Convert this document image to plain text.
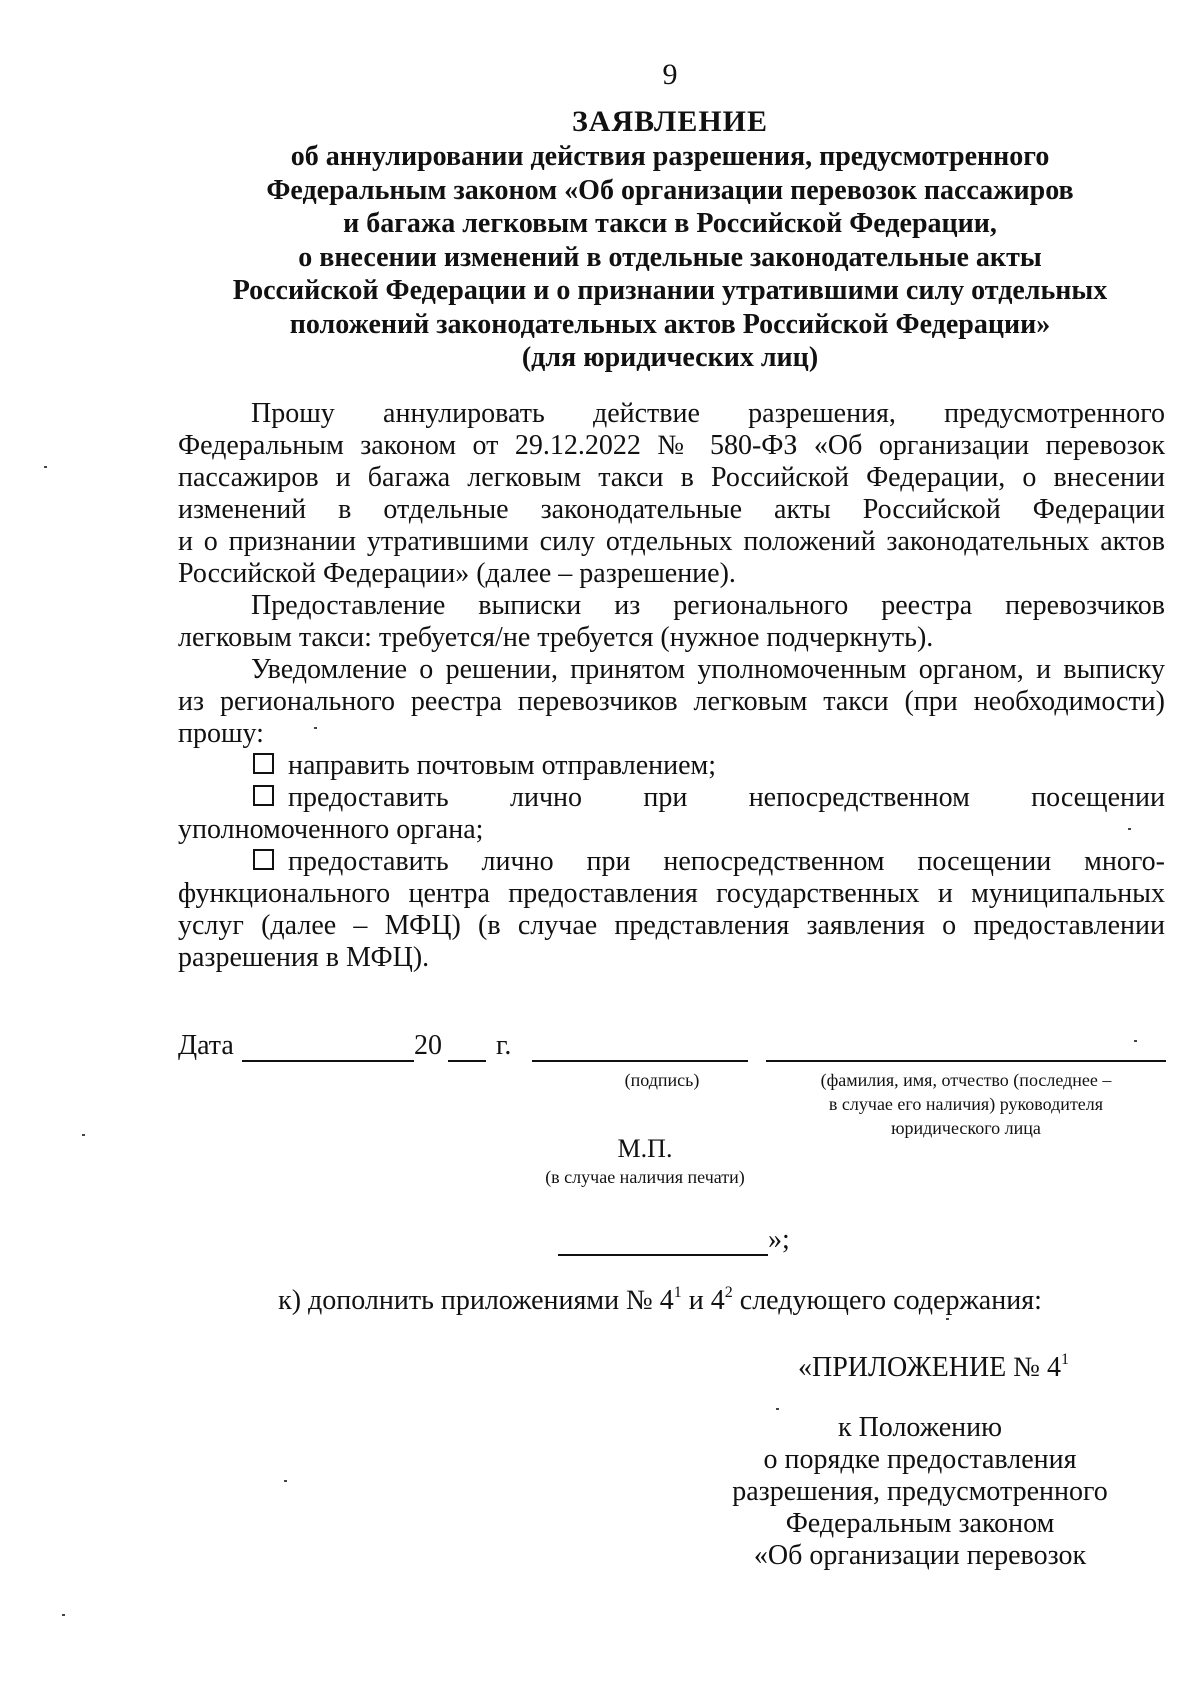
9
ЗАЯВЛЕНИЕ
об аннулировании действия разрешения, предусмотренного
Федеральным законом «Об организации перевозок пассажиров
и багажа легковым такси в Российской Федерации,
о внесении изменений в отдельные законодательные акты
Российской Федерации и о признании утратившими силу отдельных
положений законодательных актов Российской Федерации»
(для юридических лиц)
Прошу аннулировать действие разрешения, предусмотренного
Федеральным законом от 29.12.2022 № 580-ФЗ «Об организации перевозок
пассажиров и багажа легковым такси в Российской Федерации, о внесении
изменений в отдельные законодательные акты Российской Федерации
и о признании утратившими силу отдельных положений законодательных актов
Российской Федерации» (далее – разрешение).
Предоставление выписки из регионального реестра перевозчиков
легковым такси: требуется/не требуется (нужное подчеркнуть).
Уведомление о решении, принятом уполномоченным органом, и выписку
из регионального реестра перевозчиков легковым такси (при необходимости)
прошу:
направить почтовым отправлением;
предоставить лично при непосредственном посещении
уполномоченного органа;
предоставить лично при непосредственном посещении много-
функционального центра предоставления государственных и муниципальных
услуг (далее – МФЦ) (в случае представления заявления о предоставлении
разрешения в МФЦ).
Дата	20 г.
(подпись)	(фамилия, имя, отчество (последнее –
в случае его наличия) руководителя
юридического лица
М.П.
(в случае наличия печати)
»;
к) дополнить приложениями № $4^1$ и $4^2$ следующего содержания:
«ПРИЛОЖЕНИЕ № $4^1$
к Положению
о порядке предоставления
разрешения, предусмотренного
Федеральным законом
«Об организации перевозок
